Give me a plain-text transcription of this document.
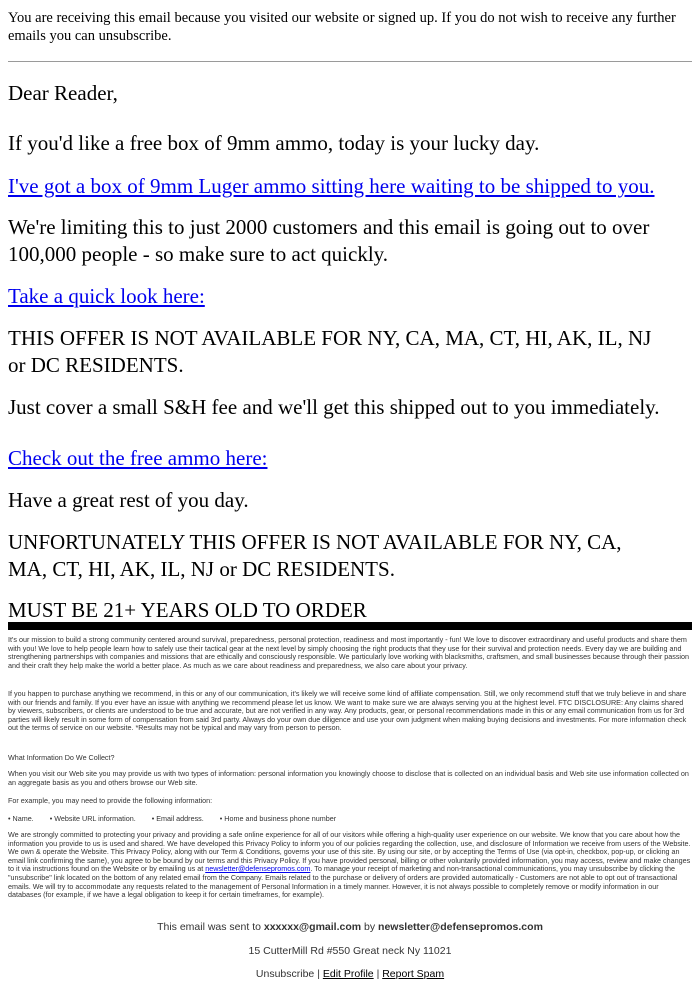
You are receiving this email because you visited our website or signed up. If you do not wish to receive any further emails you can unsubscribe.

Dear Reader,

If you'd like a free box of 9mm ammo, today is your lucky day.

I've got a box of 9mm Luger ammo sitting here waiting to be shipped to you.

We're limiting this to just 2000 customers and this email is going out to over

100,000 people - so make sure to act quickly.

Take a quick look here:

THIS OFFER IS NOT AVAILABLE FOR NY, CA, MA, CT, HI, AK, IL, NJ

or DC RESIDENTS.

Just cover a small S&H fee and we'll get this shipped out to you immediately.

Check out the free ammo here:

Have a great rest of you day.

UNFORTUNATELY THIS OFFER IS NOT AVAILABLE FOR NY, CA,

MA, CT, HI, AK, IL, NJ or DC RESIDENTS.

MUST BE 21+ YEARS OLD TO ORDER

It's our mission to build a strong community centered around survival, preparedness, personal protection, readiness and most importantly - fun! We love to discover extraordinary and useful products and share them with you! We love to help people learn how to safely use their tactical gear at the next level by simply choosing the right products that they use for their survival and protection needs. Every day we are building and strengthening partnerships with companies and missions that are ethically and consciously responsible. We particularly love working with blacksmiths, craftsmen, and small businesses because through their passion and their craft they help make the world a better place. As much as we care about readiness and preparedness, we also care about your privacy.

If you happen to purchase anything we recommend, in this or any of our communication, it's likely we will receive some kind of affiliate compensation. Still, we only recommend stuff that we truly believe in and share with our friends and family. If you ever have an issue with anything we recommend please let us know. We want to make sure we are always serving you at the highest level. FTC DISCLOSURE: Any claims shared by viewers, subscribers, or clients are understood to be true and accurate, but are not verified in any way. Any products, gear, or personal recommendations made in this or any email communication from us for 3rd parties will likely result in some form of compensation from said 3rd party. Always do your own due diligence and use your own judgment when making buying decisions and investments. For more information check out the terms of service on our website. *Results may not be typical and may vary from person to person.

What Information Do We Collect?

When you visit our Web site you may provide us with two types of information: personal information you knowingly choose to disclose that is collected on an individual basis and Web site use information collected on an aggregate basis as you and others browse our Web site.

For example, you may need to provide the following information:

• Name. • Website URL information. • Email address. • Home and business phone number

We are strongly committed to protecting your privacy and providing a safe online experience for all of our visitors while offering a high-quality user experience on our website. We know that you care about how the information you provide to us is used and shared. We have developed this Privacy Policy to inform you of our policies regarding the collection, use, and disclosure of Information we receive from users of the Website. We own & operate the Website. This Privacy Policy, along with our Term & Conditions, governs your use of this site. By using our site, or by accepting the Terms of Use (via opt-in, checkbox, pop-up, or clicking an email link confirming the same), you agree to be bound by our terms and this Privacy Policy. If you have provided personal, billing or other voluntarily provided information, you may access, review and make changes to it via instructions found on the Website or by emailing us at newsletter@defensepromos.com. To manage your receipt of marketing and non-transactional communications, you may unsubscribe by clicking the "unsubscribe" link located on the bottom of any related email from the Company. Emails related to the purchase or delivery of orders are provided automatically - Customers are not able to opt out of transactional emails. We will try to accommodate any requests related to the management of Personal Information in a timely manner. However, it is not always possible to completely remove or modify information in our databases (for example, if we have a legal obligation to keep it for certain timeframes, for example).

This email was sent to xxxxxx@gmail.com by newsletter@defensepromos.com

15 CutterMill Rd #550 Great neck Ny 11021

Unsubscribe | Edit Profile | Report Spam
